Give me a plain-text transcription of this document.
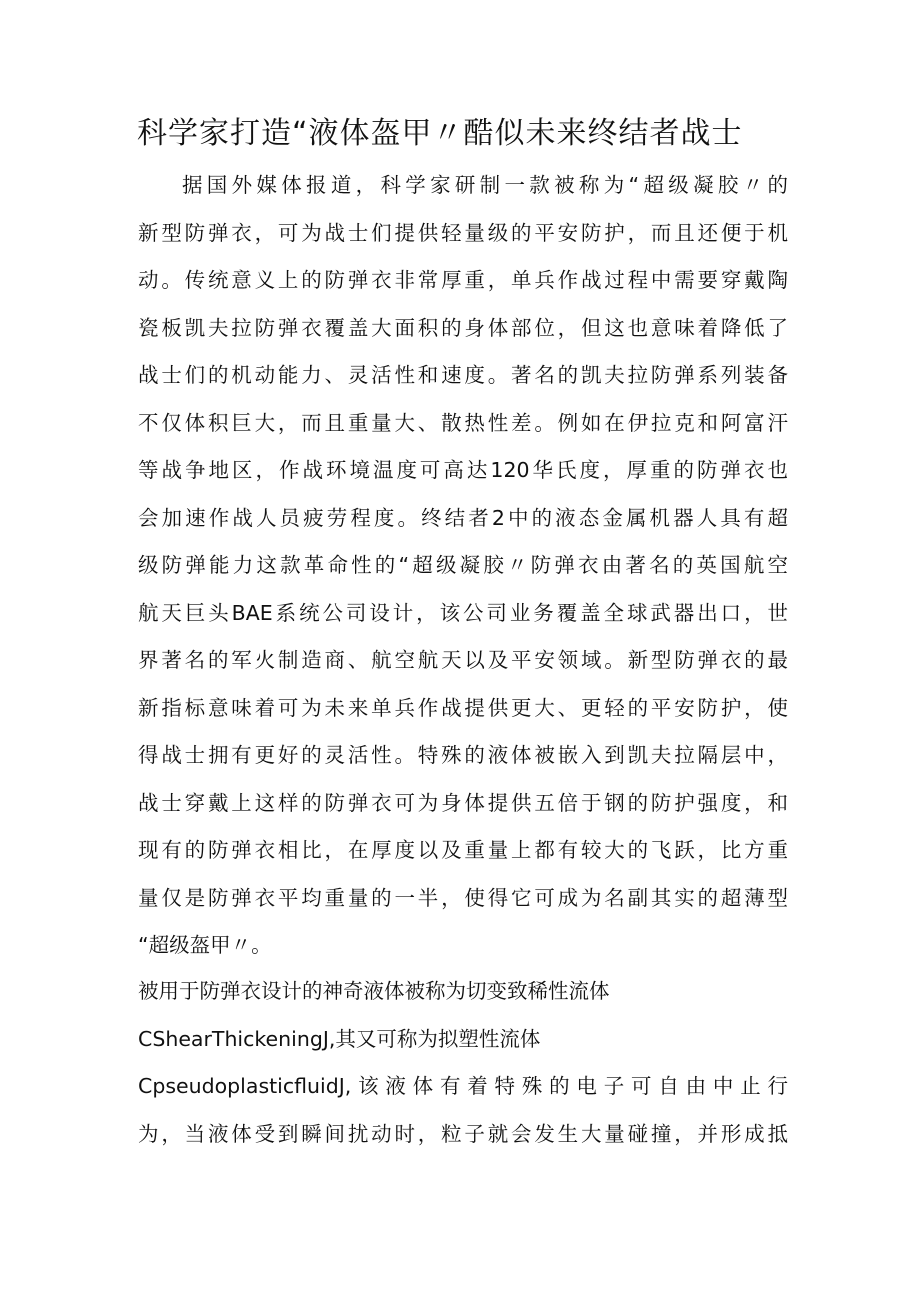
科学家打造“液体盔甲〃酷似未来终结者战士
据国外媒体报道，科学家研制一款被称为“超级凝胶〃的
新型防弹衣，可为战士们提供轻量级的平安防护，而且还便于机
动。传统意义上的防弹衣非常厚重，单兵作战过程中需要穿戴陶
瓷板凯夫拉防弹衣覆盖大面积的身体部位，但这也意味着降低了
战士们的机动能力、灵活性和速度。著名的凯夫拉防弹系列装备
不仅体积巨大，而且重量大、散热性差。例如在伊拉克和阿富汗
等战争地区，作战环境温度可高达120华氏度，厚重的防弹衣也
会加速作战人员疲劳程度。终结者2中的液态金属机器人具有超
级防弹能力这款革命性的“超级凝胶〃防弹衣由著名的英国航空
航天巨头BAE系统公司设计，该公司业务覆盖全球武器出口，世
界著名的军火制造商、航空航天以及平安领域。新型防弹衣的最
新指标意味着可为未来单兵作战提供更大、更轻的平安防护，使
得战士拥有更好的灵活性。特殊的液体被嵌入到凯夫拉隔层中，
战士穿戴上这样的防弹衣可为身体提供五倍于钢的防护强度，和
现有的防弹衣相比，在厚度以及重量上都有较大的飞跃，比方重
量仅是防弹衣平均重量的一半，使得它可成为名副其实的超薄型
“超级盔甲〃。
被用于防弹衣设计的神奇液体被称为切变致稀性流体
CShearThickeningJ,其又可称为拟塑性流体
CpseudoplasticfluidJ,该液体有着特殊的电子可自由中止行
为，当液体受到瞬间扰动时，粒子就会发生大量碰撞，并形成抵
